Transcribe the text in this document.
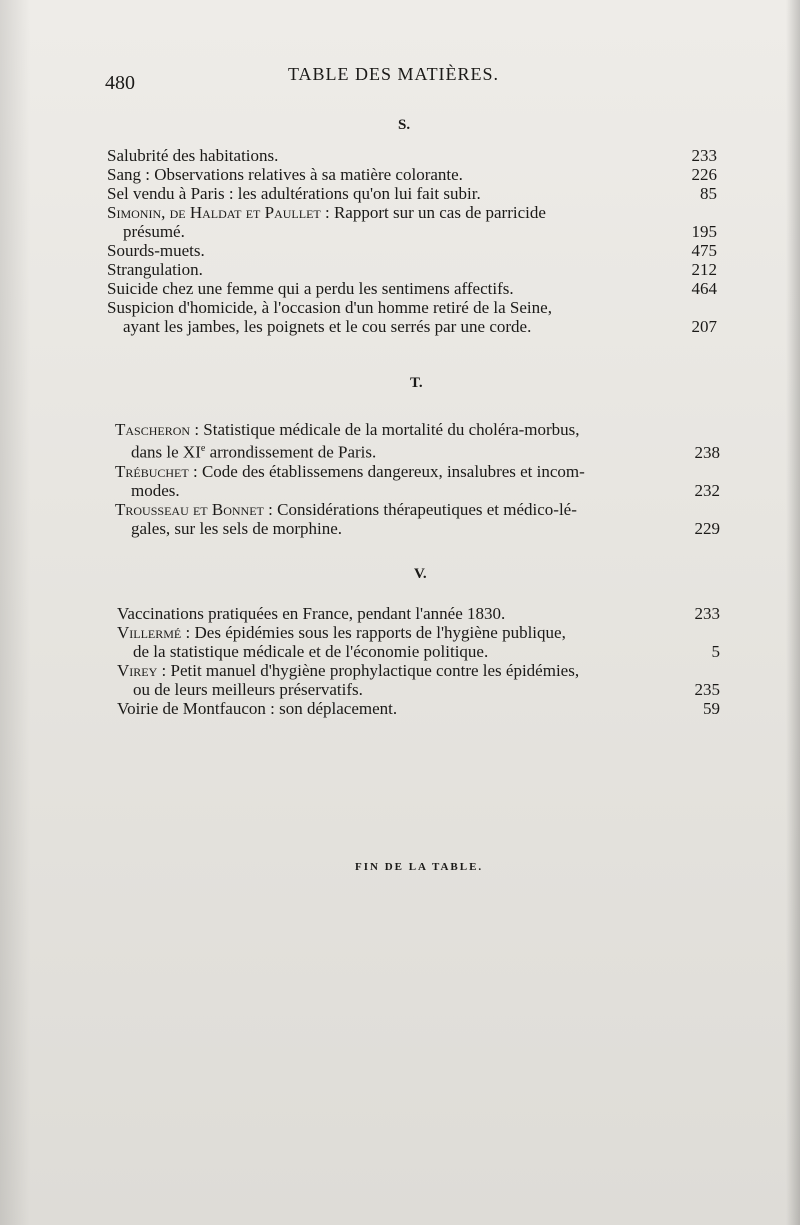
480	TABLE DES MATIÈRES.
S.
Salubrité des habitations.	233
Sang : Observations relatives à sa matière colorante.	226
Sel vendu à Paris : les adultérations qu'on lui fait subir.	85
Simonin, de Haldat et Paullet : Rapport sur un cas de parricide
présumé.	195
Sourds-muets.	475
Strangulation.	212
Suicide chez une femme qui a perdu les sentimens affectifs.	464
Suspicion d'homicide, à l'occasion d'un homme retiré de la Seine,
ayant les jambes, les poignets et le cou serrés par une corde.	207
T.
Tascheron : Statistique médicale de la mortalité du choléra-morbus,
dans le XIe arrondissement de Paris.	238
Trébuchet : Code des établissemens dangereux, insalubres et incom-
modes.	232
Trousseau et Bonnet : Considérations thérapeutiques et médico-lé-
gales, sur les sels de morphine.	229
V.
Vaccinations pratiquées en France, pendant l'année 1830.	233
Villermé : Des épidémies sous les rapports de l'hygiène publique,
de la statistique médicale et de l'économie politique.	5
Virey : Petit manuel d'hygiène prophylactique contre les épidémies,
ou de leurs meilleurs préservatifs.	235
Voirie de Montfaucon : son déplacement.	59
FIN DE LA TABLE.
